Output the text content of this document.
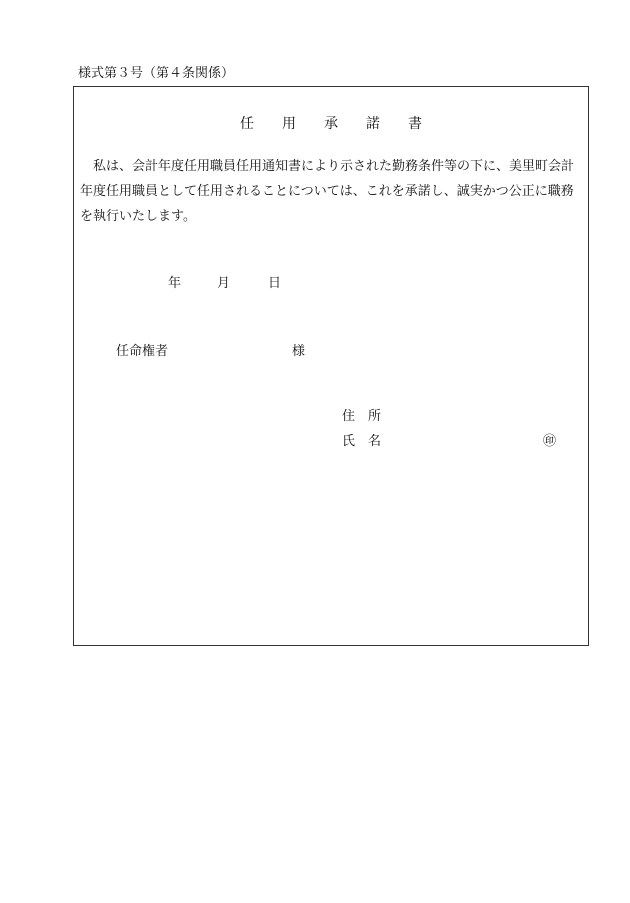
様式第３号（第４条関係）
任用承諾書

私は、会計年度任用職員任用通知書により示された勤務条件等の下に、美里町会計年度任用職員として任用されることについては、これを承諾し、誠実かつ公正に職務を執行いたします。

年	月	日
任命権者	様
住　所
氏　名	㊞
